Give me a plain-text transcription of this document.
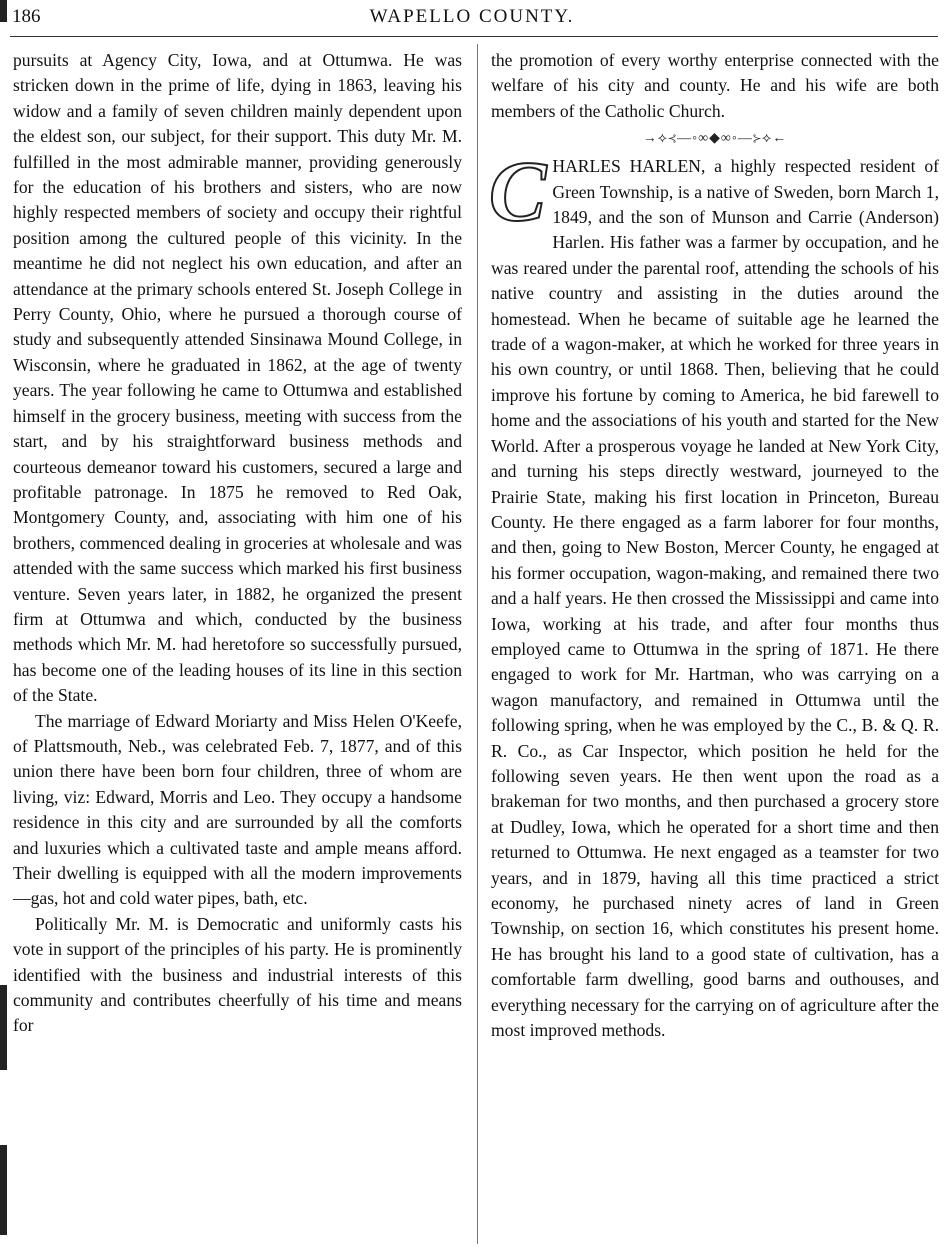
186	WAPELLO COUNTY.

pursuits at Agency City, Iowa, and at Ottumwa. He was stricken down in the prime of life, dying in 1863, leaving his widow and a family of seven children mainly dependent upon the eldest son, our subject, for their support. This duty Mr. M. fulfilled in the most admirable manner, providing generously for the education of his brothers and sisters, who are now highly respected members of society and occupy their rightful position among the cultured people of this vicinity. In the meantime he did not neglect his own education, and after an attendance at the primary schools entered St. Joseph College in Perry County, Ohio, where he pursued a thorough course of study and subsequently attended Sinsinawa Mound College, in Wisconsin, where he graduated in 1862, at the age of twenty years. The year following he came to Ottumwa and established himself in the grocery business, meeting with success from the start, and by his straightforward business methods and courteous demeanor toward his customers, secured a large and profitable patronage. In 1875 he removed to Red Oak, Montgomery County, and, associating with him one of his brothers, commenced dealing in groceries at wholesale and was attended with the same success which marked his first business venture. Seven years later, in 1882, he organized the present firm at Ottumwa and which, conducted by the business methods which Mr. M. had heretofore so successfully pursued, has become one of the leading houses of its line in this section of the State.

The marriage of Edward Moriarty and Miss Helen O'Keefe, of Plattsmouth, Neb., was celebrated Feb. 7, 1877, and of this union there have been born four children, three of whom are living, viz: Edward, Morris and Leo. They occupy a handsome residence in this city and are surrounded by all the comforts and luxuries which a cultivated taste and ample means afford. Their dwelling is equipped with all the modern improvements—gas, hot and cold water pipes, bath, etc.

Politically Mr. M. is Democratic and uniformly casts his vote in support of the principles of his party. He is prominently identified with the business and industrial interests of this community and contributes cheerfully of his time and means for

the promotion of every worthy enterprise connected with the welfare of his city and county. He and his wife are both members of the Catholic Church.

→⟡⊰—◦∞◆∞◦—⊱⟡←

CHARLES HARLEN, a highly respected resident of Green Township, is a native of Sweden, born March 1, 1849, and the son of Munson and Carrie (Anderson) Harlen. His father was a farmer by occupation, and he was reared under the parental roof, attending the schools of his native country and assisting in the duties around the homestead. When he became of suitable age he learned the trade of a wagon-maker, at which he worked for three years in his own country, or until 1868. Then, believing that he could improve his fortune by coming to America, he bid farewell to home and the associations of his youth and started for the New World. After a prosperous voyage he landed at New York City, and turning his steps directly westward, journeyed to the Prairie State, making his first location in Princeton, Bureau County. He there engaged as a farm laborer for four months, and then, going to New Boston, Mercer County, he engaged at his former occupation, wagon-making, and remained there two and a half years. He then crossed the Mississippi and came into Iowa, working at his trade, and after four months thus employed came to Ottumwa in the spring of 1871. He there engaged to work for Mr. Hartman, who was carrying on a wagon manufactory, and remained in Ottumwa until the following spring, when he was employed by the C., B. & Q. R. R. Co., as Car Inspector, which position he held for the following seven years. He then went upon the road as a brakeman for two months, and then purchased a grocery store at Dudley, Iowa, which he operated for a short time and then returned to Ottumwa. He next engaged as a teamster for two years, and in 1879, having all this time practiced a strict economy, he purchased ninety acres of land in Green Township, on section 16, which constitutes his present home. He has brought his land to a good state of cultivation, has a comfortable farm dwelling, good barns and outhouses, and everything necessary for the carrying on of agriculture after the most improved methods.
